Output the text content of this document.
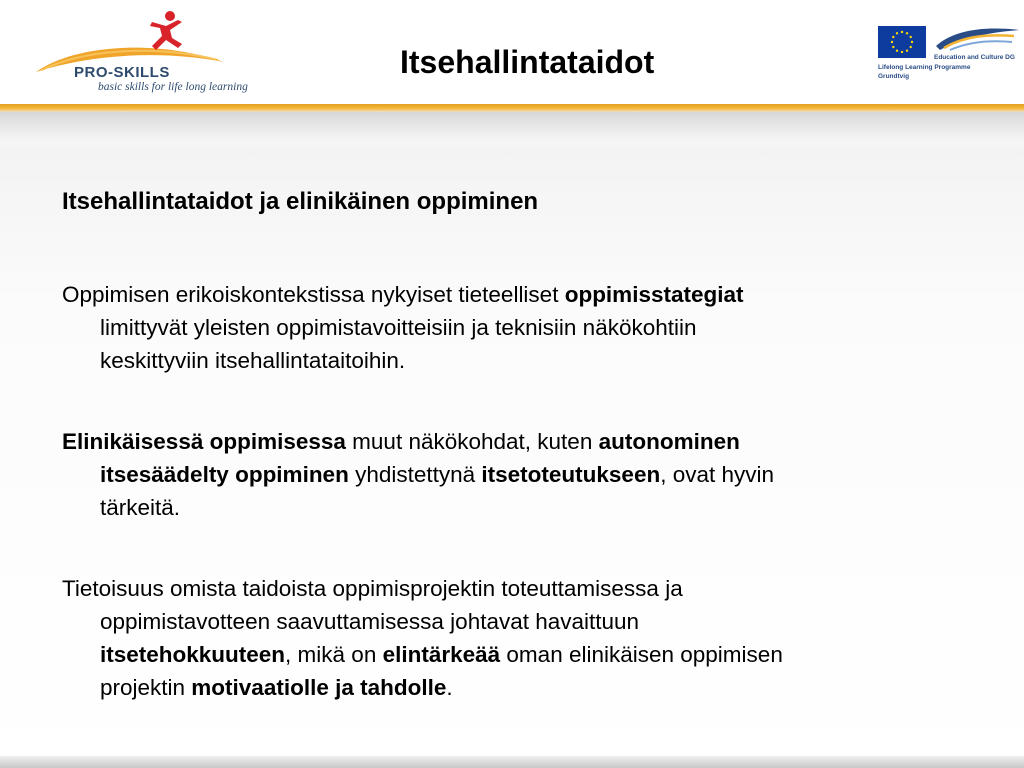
PRO-SKILLS
basic skills for life long learning
Itsehallintataidot	Education and Culture DG
Lifelong Learning Programme
Grundtvig
Itsehallintataidot ja elinikäinen oppiminen
Oppimisen erikoiskontekstissa nykyiset tieteelliset oppimisstategiat
limittyvät yleisten oppimistavoitteisiin ja teknisiin näkökohtiin
keskittyviin itsehallintataitoihin.
Elinikäisessä oppimisessa muut näkökohdat, kuten autonominen
itsesäädelty oppiminen yhdistettynä itsetoteutukseen, ovat hyvin
tärkeitä.
Tietoisuus omista taidoista oppimisprojektin toteuttamisessa ja
oppimistavotteen saavuttamisessa johtavat havaittuun
itsetehokkuuteen, mikä on elintärkeää oman elinikäisen oppimisen
projektin motivaatiolle ja tahdolle.
